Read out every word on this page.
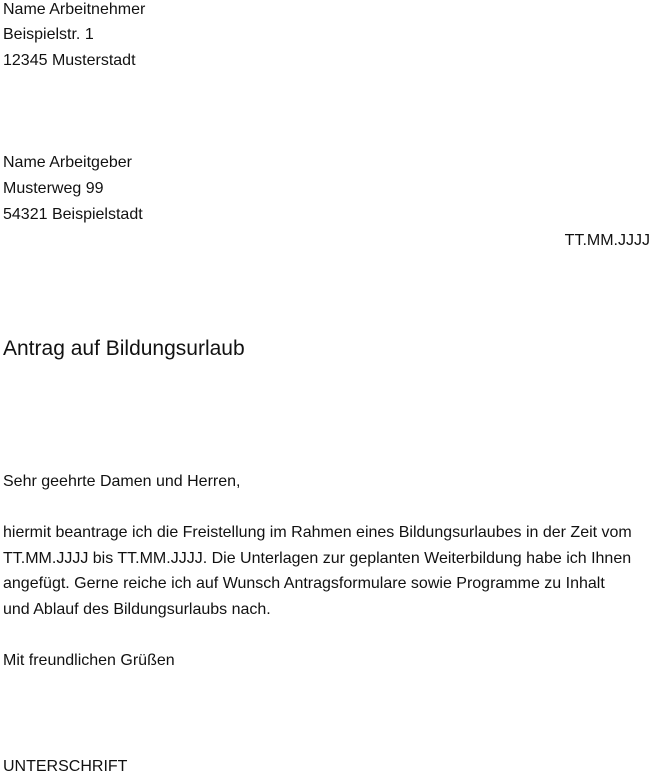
Name Arbeitnehmer
Beispielstr. 1
12345 Musterstadt
Name Arbeitgeber
Musterweg 99
54321 Beispielstadt
TT.MM.JJJJ
Antrag auf Bildungsurlaub
Sehr geehrte Damen und Herren,
hiermit beantrage ich die Freistellung im Rahmen eines Bildungsurlaubes in der Zeit vom
TT.MM.JJJJ bis TT.MM.JJJJ. Die Unterlagen zur geplanten Weiterbildung habe ich Ihnen
angefügt. Gerne reiche ich auf Wunsch Antragsformulare sowie Programme zu Inhalt
und Ablauf des Bildungsurlaubs nach.
Mit freundlichen Grüßen
UNTERSCHRIFT
